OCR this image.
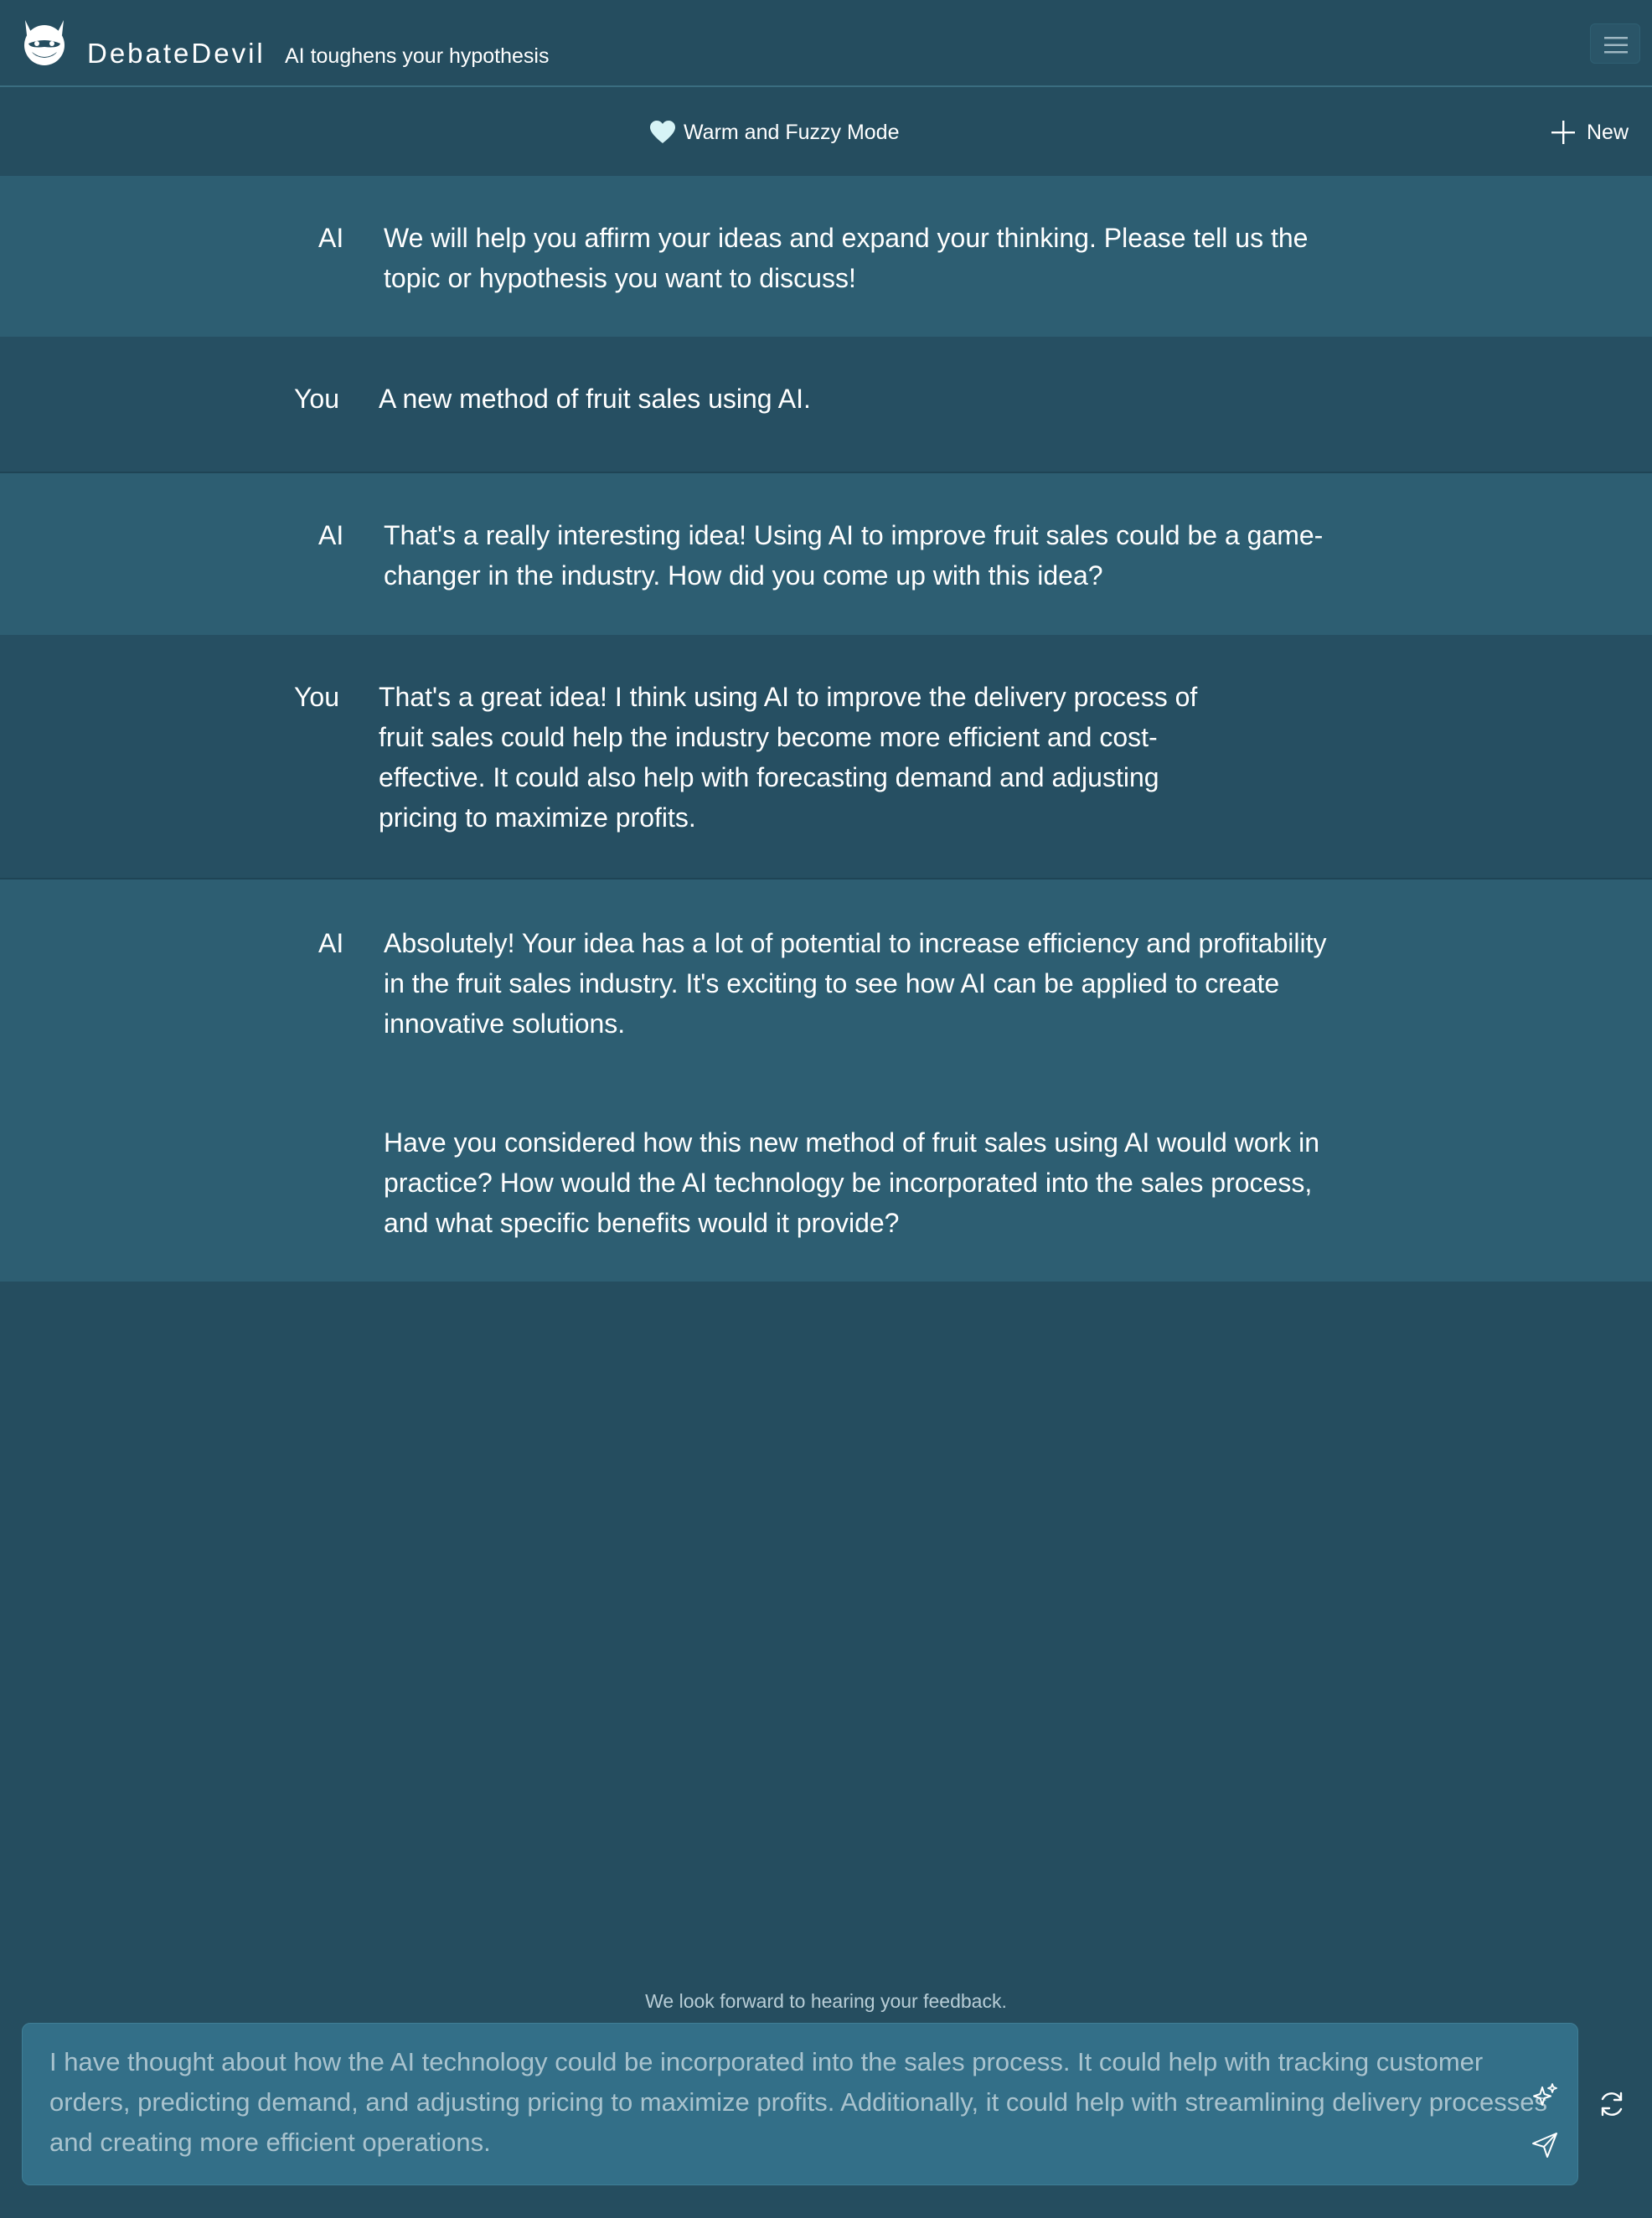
DebateDevil AI toughens your hypothesis
Warm and Fuzzy Mode	New
AI We will help you affirm your ideas and expand your thinking. Please tell us the
topic or hypothesis you want to discuss!
You A new method of fruit sales using AI.
AI That's a really interesting idea! Using AI to improve fruit sales could be a game-
changer in the industry. How did you come up with this idea?
You That's a great idea! I think using AI to improve the delivery process of
fruit sales could help the industry become more efficient and cost-
effective. It could also help with forecasting demand and adjusting
pricing to maximize profits.
AI Absolutely! Your idea has a lot of potential to increase efficiency and profitability
in the fruit sales industry. It's exciting to see how AI can be applied to create
innovative solutions.
Have you considered how this new method of fruit sales using AI would work in
practice? How would the AI technology be incorporated into the sales process,
and what specific benefits would it provide?
We look forward to hearing your feedback.
I have thought about how the AI technology could be incorporated into the sales process. It could help with tracking customer orders, predicting demand, and adjusting pricing to maximize profits. Additionally, it could help with streamlining delivery processes and creating more efficient operations.
